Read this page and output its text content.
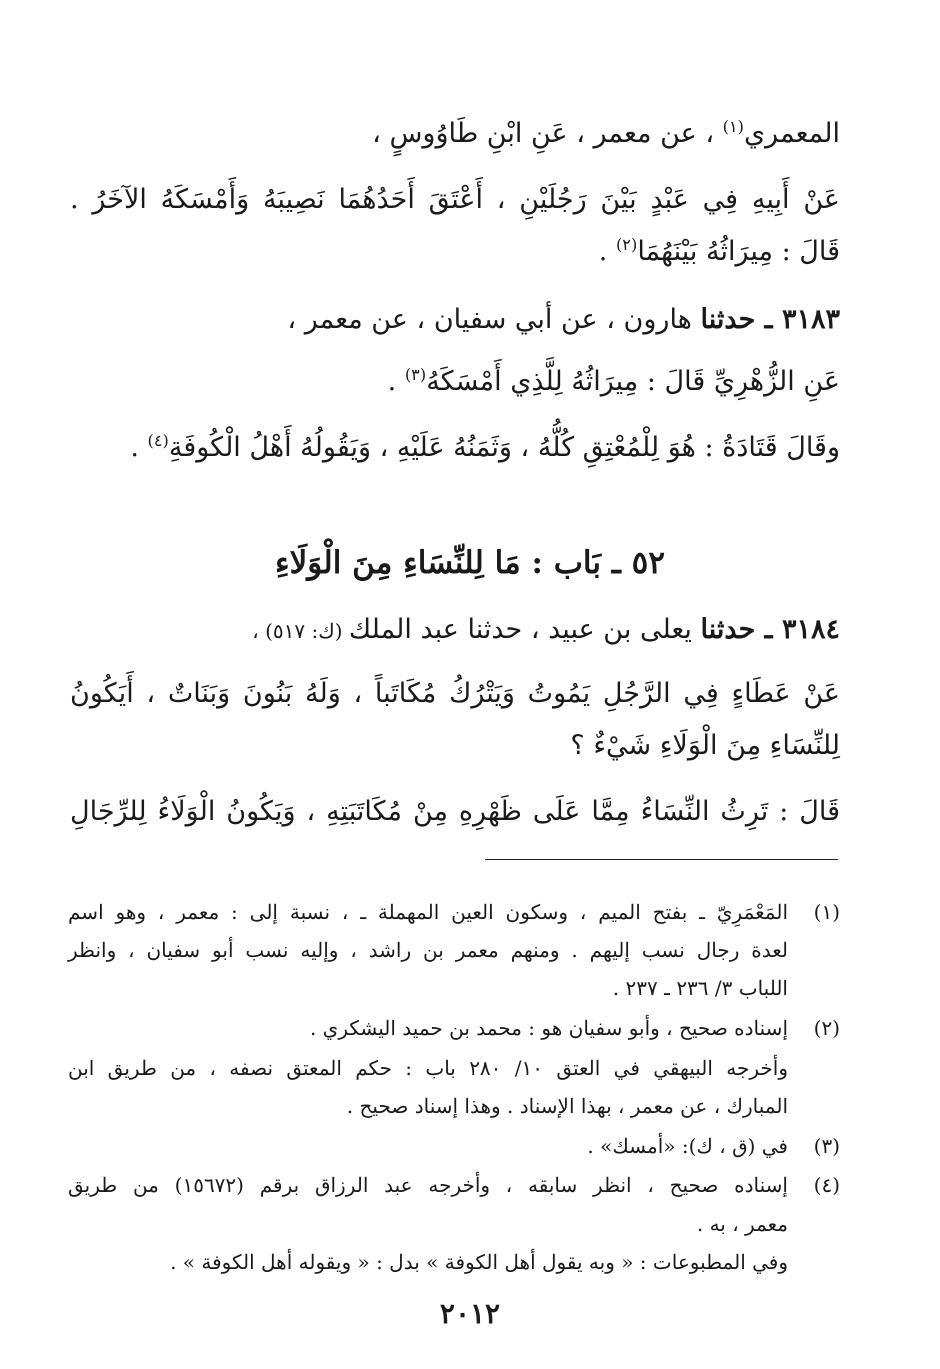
المعمري$^{(١)}$ ، عن معمر ، عَنِ ابْنِ طَاوُوسٍ ،
عَنْ أَبِيهِ فِي عَبْدٍ بَيْنَ رَجُلَيْنِ ، أَعْتَقَ أَحَدُهُمَا نَصِيبَهُ وَأَمْسَكَهُ الآخَرُ .
قَالَ : مِيرَاثُهُ بَيْنَهُمَا$^{(٢)}$ .
٣١٨٣ ـ حدثنا هارون ، عن أبي سفيان ، عن معمر ،
عَنِ الزُّهْرِيِّ قَالَ : مِيرَاثُهُ لِلَّذِي أَمْسَكَهُ$^{(٣)}$ .
وقَالَ قَتَادَةُ : هُوَ لِلْمُعْتِقِ كُلُّهُ ، وَثَمَنُهُ عَلَيْهِ ، وَيَقُولُهُ أَهْلُ الْكُوفَةِ$^{(٤)}$ .
٥٢ ـ بَاب : مَا لِلنِّسَاءِ مِنَ الْوَلَاءِ
٣١٨٤ ـ حدثنا يعلى بن عبيد ، حدثنا عبد الملك (ك: ٥١٧) ،
عَنْ عَطَاءٍ فِي الرَّجُلِ يَمُوتُ وَيَتْرُكُ مُكَاتَباً ، وَلَهُ بَنُونَ وَبَنَاتٌ ، أَيَكُونُ
لِلنِّسَاءِ مِنَ الْوَلَاءِ شَيْءٌ ؟
قَالَ : تَرِثُ النِّسَاءُ مِمَّا عَلَى ظَهْرِهِ مِنْ مُكَاتَبَتِهِ ، وَيَكُونُ الْوَلَاءُ لِلرِّجَالِ
(١)
المَعْمَرِيّ ـ بفتح الميم ، وسكون العين المهملة ـ ، نسبة إلى : معمر ، وهو اسم
لعدة رجال نسب إليهم . ومنهم معمر بن راشد ، وإليه نسب أبو سفيان ، وانظر
اللباب ٣/ ٢٣٦ ـ ٢٣٧ .
(٢)
إسناده صحيح ، وأبو سفيان هو : محمد بن حميد اليشكري .
وأخرجه البيهقي في العتق ١٠/ ٢٨٠ باب : حكم المعتق نصفه ، من طريق ابن
المبارك ، عن معمر ، بهذا الإسناد . وهذا إسناد صحيح .
(٣)
في (ق ، ك): «أمسك» .
(٤)
إسناده صحيح ، انظر سابقه ، وأخرجه عبد الرزاق برقم (١٥٦٧٢) من طريق
معمر ، به .
وفي المطبوعات : « وبه يقول أهل الكوفة » بدل : « ويقوله أهل الكوفة » .
٢٠١٢
